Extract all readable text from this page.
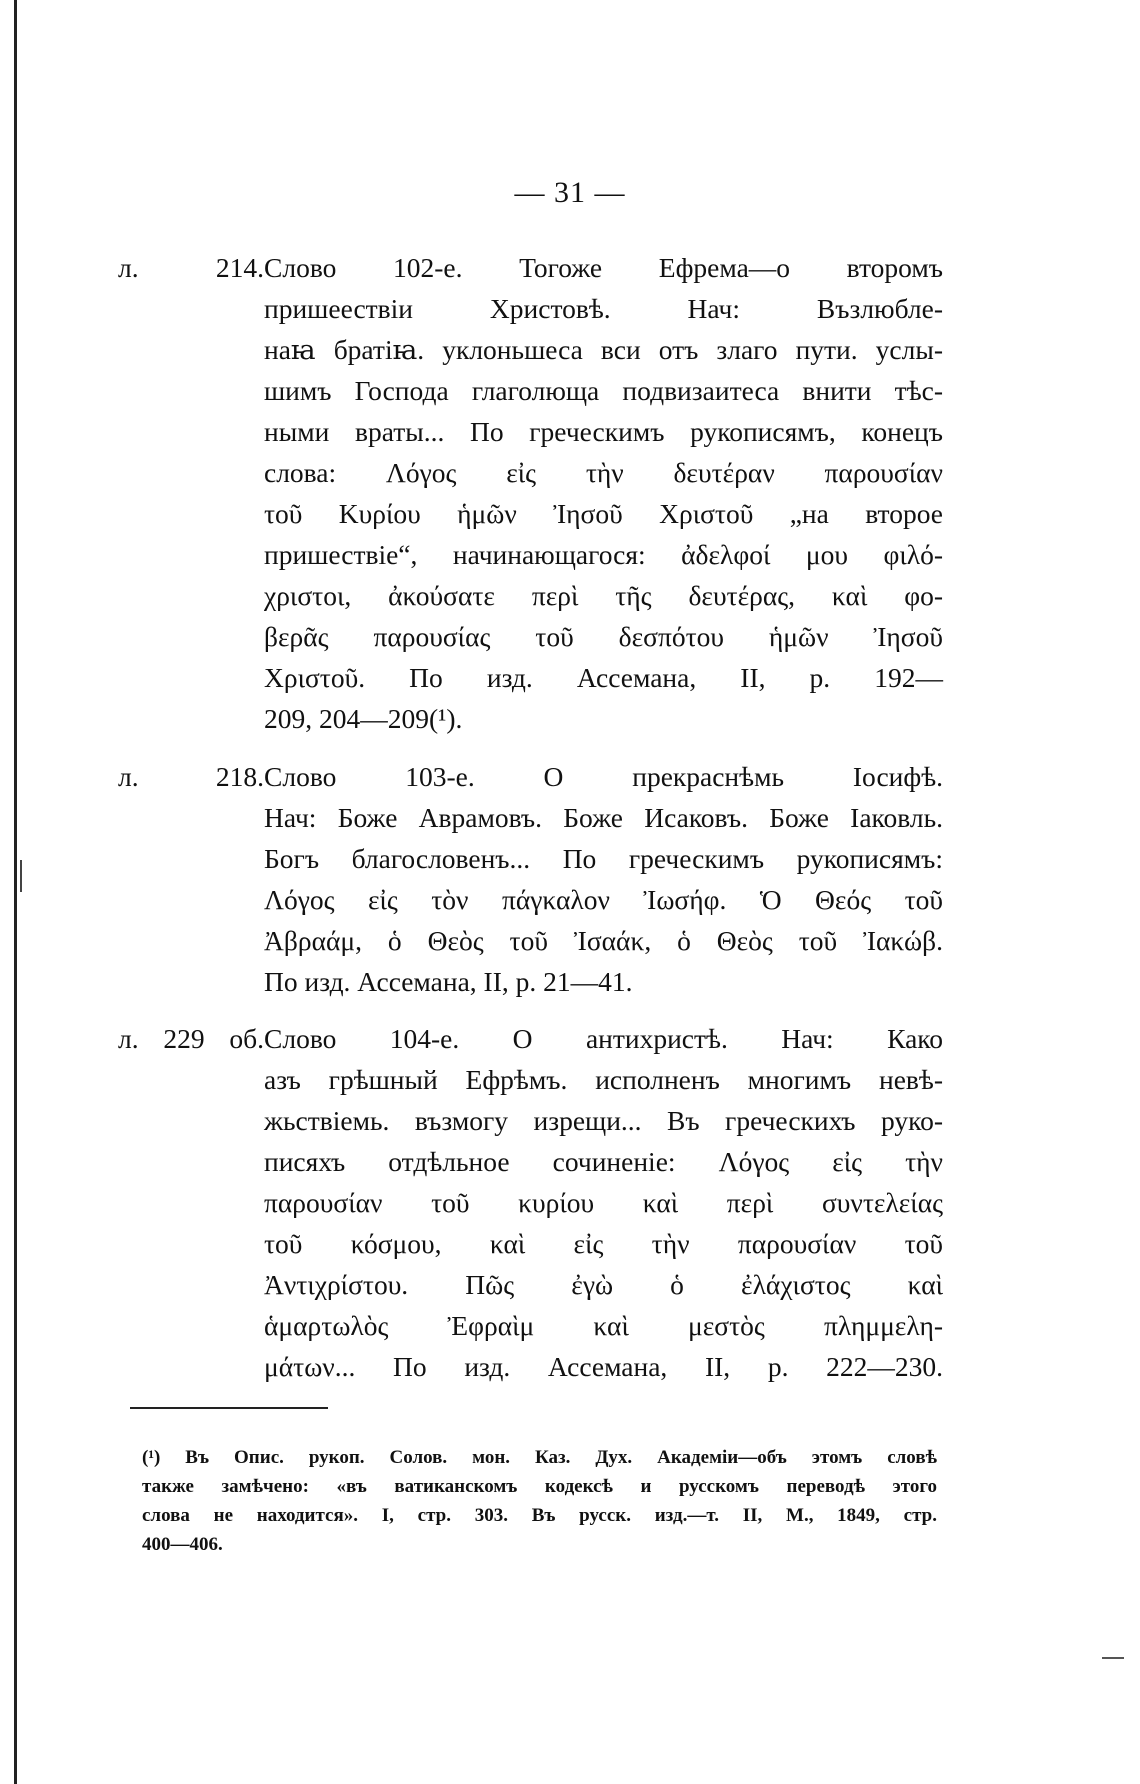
— 31 —
л. 214. Слово 102-е. Тогоже Ефрема—о второмъ
пришеествіи Христовѣ. Нач: Възлюбле-
наꙗ братіꙗ. уклоньшеса вси отъ злаго пути. услы-
шимъ Господа глаголюща подвизаитеса внити тѣс-
ными враты... По греческимъ рукописямъ, конецъ
слова: Λόγος εἰς τὴν δευτέραν παρουσίαν
τοῦ Κυρίου ἡμῶν Ἰησοῦ Χριστοῦ „на второе
пришествіе“, начинающагося: ἀδελφοί μου φιλό-
χριστοι, ἀκούσατε περὶ τῆς δευτέρας, καὶ φο-
βερᾶς παρουσίας τοῦ δεσπότου ἡμῶν Ἰησοῦ
Χριστοῦ. По изд. Ассемана, II, р. 192—
209, 204—209(¹).
л. 218. Слово 103-е. О прекраснѣмь Іосифѣ.
Нач: Боже Аврамовъ. Боже Исаковъ. Боже Іаковль.
Богъ благословенъ... По греческимъ рукописямъ:
Λόγος εἰς τὸν πάγκαλον Ἰωσήφ. Ὁ Θεός τοῦ
Ἀβραάμ, ὁ Θεὸς τοῦ Ἰσαάκ, ὁ Θεὸς τοῦ Ἰακώβ.
По изд. Ассемана, II, р. 21—41.
л. 229 об. Слово 104-е. О антихристѣ. Нач: Како
азъ грѣшный Ефрѣмъ. исполненъ многимъ невѣ-
жьствіемь. възмогу изрещи... Въ греческихъ руко-
писяхъ отдѣльное сочиненіе: Λόγος εἰς τὴν
παρουσίαν τοῦ κυρίου καὶ περὶ συντελείας
τοῦ κόσμου, καὶ εἰς τὴν παρουσίαν τοῦ
Ἀντιχρίστου. Πῶς ἐγὼ ὁ ἐλάχιστος καὶ
ἁμαρτωλὸς Ἐφραὶμ καὶ μεστὸς πλημμελη-
μάτων... По изд. Ассемана, II, р. 222—230.
(¹) Въ Опис. рукоп. Солов. мон. Каз. Дух. Академіи—объ этомъ словѣ
также замѣчено: «въ ватиканскомъ кодексѣ и русскомъ переводѣ этого
слова не находится». I, стр. 303. Въ русск. изд.—т. II, М., 1849, стр.
400—406.
